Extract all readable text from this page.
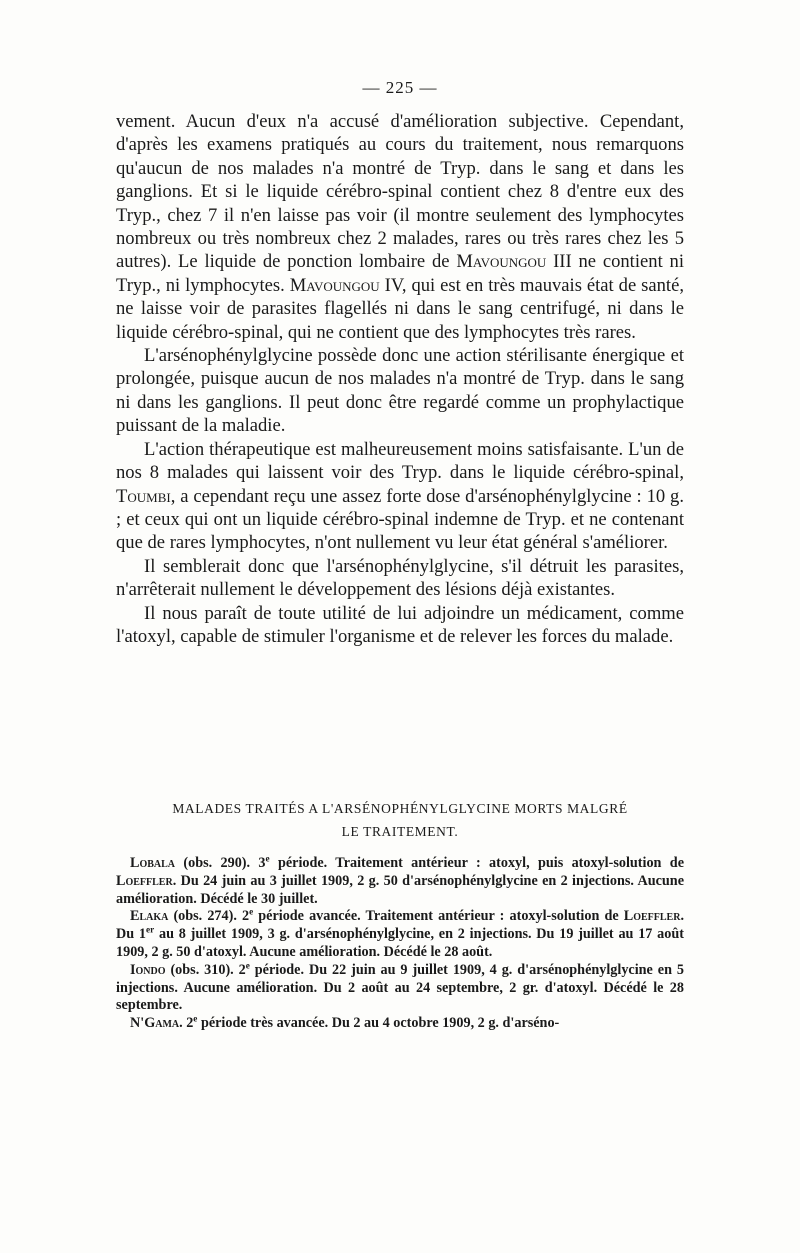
— 225 —

vement. Aucun d'eux n'a accusé d'amélioration subjective. Cependant, d'après les examens pratiqués au cours du traitement, nous remarquons qu'aucun de nos malades n'a montré de Tryp. dans le sang et dans les ganglions. Et si le liquide cérébro-spinal contient chez 8 d'entre eux des Tryp., chez 7 il n'en laisse pas voir (il montre seulement des lymphocytes nombreux ou très nombreux chez 2 malades, rares ou très rares chez les 5 autres). Le liquide de ponction lombaire de Mavoungou III ne contient ni Tryp., ni lymphocytes. Mavoungou IV, qui est en très mauvais état de santé, ne laisse voir de parasites flagellés ni dans le sang centrifugé, ni dans le liquide cérébro-spinal, qui ne contient que des lymphocytes très rares.

L'arsénophénylglycine possède donc une action stérilisante énergique et prolongée, puisque aucun de nos malades n'a montré de Tryp. dans le sang ni dans les ganglions. Il peut donc être regardé comme un prophylactique puissant de la maladie.

L'action thérapeutique est malheureusement moins satisfaisante. L'un de nos 8 malades qui laissent voir des Tryp. dans le liquide cérébro-spinal, Toumbi, a cependant reçu une assez forte dose d'arsénophénylglycine : 10 g. ; et ceux qui ont un liquide cérébro-spinal indemne de Tryp. et ne contenant que de rares lymphocytes, n'ont nullement vu leur état général s'améliorer.

Il semblerait donc que l'arsénophénylglycine, s'il détruit les parasites, n'arrêterait nullement le développement des lésions déjà existantes.

Il nous paraît de toute utilité de lui adjoindre un médicament, comme l'atoxyl, capable de stimuler l'organisme et de relever les forces du malade.

MALADES TRAITÉS A L'ARSÉNOPHÉNYLGLYCINE MORTS MALGRÉ
LE TRAITEMENT.

Lobala (obs. 290). 3e période. Traitement antérieur : atoxyl, puis atoxyl-solution de Loeffler. Du 24 juin au 3 juillet 1909, 2 g. 50 d'arsénophénylglycine en 2 injections. Aucune amélioration. Décédé le 30 juillet.

Elaka (obs. 274). 2e période avancée. Traitement antérieur : atoxyl-solution de Loeffler. Du 1er au 8 juillet 1909, 3 g. d'arsénophénylglycine, en 2 injections. Du 19 juillet au 17 août 1909, 2 g. 50 d'atoxyl. Aucune amélioration. Décédé le 28 août.

Iondo (obs. 310). 2e période. Du 22 juin au 9 juillet 1909, 4 g. d'arsénophénylglycine en 5 injections. Aucune amélioration. Du 2 août au 24 septembre, 2 gr. d'atoxyl. Décédé le 28 septembre.

N'Gama. 2e période très avancée. Du 2 au 4 octobre 1909, 2 g. d'arséno-
